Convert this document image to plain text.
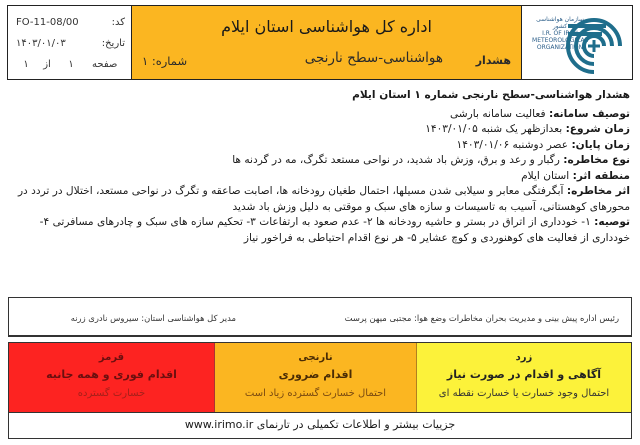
FO-11-08/00	کد:
۱۴۰۳/۰۱/۰۳	تاریخ:
۱	از	۱	صفحه
اداره کل هواشناسی استان ایلام
هشدار
هواشناسی-سطح نارنجی
شماره: ۱
سازمان هواشناسی کشور
I.R. OF IRAN
METEOROLOGICAL
ORGANIZATION
هشدار هواشناسی-سطح نارنجی شماره ۱ استان ایلام
توصیف سامانه: فعالیت سامانه بارشی
زمان شروع: بعدازظهر یک شنبه ۱۴۰۳/۰۱/۰۵
زمان پایان: عصر دوشنبه ۱۴۰۳/۰۱/۰۶
نوع مخاطره: رگبار و رعد و برق، وزش باد شدید، در نواحی مستعد تگرگ، مه در گردنه ها
منطقه اثر: استان ایلام
اثر مخاطره: آبگرفتگی معابر و سیلابی شدن مسیلها، احتمال طغیان رودخانه ها، اصابت صاعقه و تگرگ در نواحی مستعد، اختلال در تردد در محورهای کوهستانی، آسیب به تاسیسات و سازه های سبک و موقتی به دلیل وزش باد شدید
توصیه: ۱- خودداری از اتراق در بستر و حاشیه رودخانه ها ۲- عدم صعود به ارتفاعات ۳- تحکیم سازه های سبک و چادرهای مسافرتی ۴- خودداری از فعالیت های کوهنوردی و کوچ عشایر ۵- هر نوع اقدام احتیاطی به فراخور نیاز
رئیس اداره پیش بینی و مدیریت بحران مخاطرات وضع هوا: مجتبی میهن پرست
مدیر کل هواشناسی استان: سیروس نادری زرنه
قرمز
اقدام فوری و همه جانبه
خسارت گسترده
نارنجی
اقدام ضروری
احتمال خسارت گسترده زیاد است
زرد
آگاهی و اقدام در صورت نیاز
احتمال وجود خسارت یا خسارت نقطه ای
جزییات بیشتر و اطلاعات تکمیلی در تارنمای www.irimo.ir
